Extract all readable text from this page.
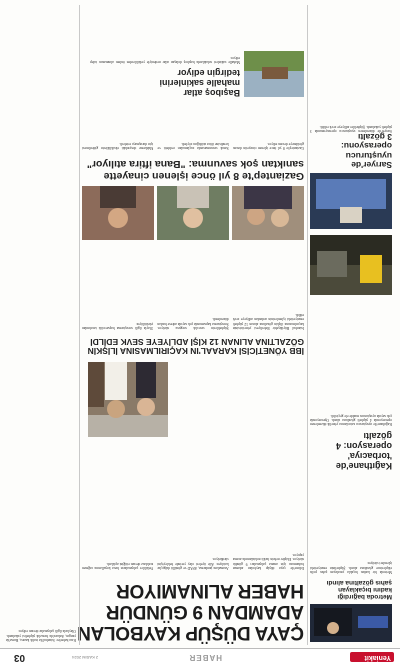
Yeniakit
HABER
2 KASIM 2024
03
ÇAYA DÜŞÜP KAYBOLAN
ADAMDAN 9 GÜNDÜR
HABER ALINAMIYOR
Edirne'de çaya düşüp kaybolan adamın bulunması için arama çalışmaları 9 gündür sürüyor. Ekipler nehrin farklı noktalarında arama yapıyor.
Aramalara jandarma, AFAD ve gönüllü dalgıçlar katılıyor. Aile üyeleri olay yerinde bekleyişini sürdürüyor.
Yetkililer çalışmaların hava koşullarına rağmen aralıksız devam ettiğini açıkladı.
Metroda bağırdığı
kadını bıçaklayan
şahıs gözaltına alındı
Metroda bir kadını bıçakla yaralayan şahıs polis ekiplerince gözaltına alındı. Şüphelinin emniyetteki işlemleri sürüyor.
Kağıthane'de
'torbacıya'
operasyon: 4 gözaltı
Kağıthane'de uyuşturucu satıcılarına yönelik düzenlenen operasyonda 4 şüpheli gözaltına alındı. Operasyonda çok sayıda uyuşturucu madde ele geçirildi.
Sarıyer'de
uyuşturucu operasyonu:
3 gözaltı
Sarıyer'de düzenlenen uyuşturucu operasyonunda 3 şüpheli yakalandı. Şüpheliler adliyeye sevk edildi.
İBB YÖNETİCİSİ KARAAL'IN KAÇIRILMASINA İLİŞKİN
GÖZALTINA ALINAN 12 KİŞİ ADLİYEYE SEVK EDİLDİ
İstanbul Büyükşehir Belediyesi yöneticisinin kaçırılmasına ilişkin gözaltına alınan 12 şüpheli emniyetteki işlemlerinin ardından adliyeye sevk edildi.
Şüphelilerin savcılık sorgusu sürüyor. Soruşturma kapsamında çok sayıda adrese baskın düzenlendi.
Olayla ilgili soruşturma başsavcılık tarafından yürütülüyor.
Gaziantep'te 8 yıl önce işlenen cinayette
sanıktan şok savunma: "Bana iftira atılıyor"
Gaziantep'te 8 yıl önce işlenen cinayetin davası görülmeye devam ediyor.
Sanık savunmasında suçlamaları reddetti ve kendisine iftira atıldığını söyledi.
Mahkeme dosyadaki eksikliklerin giderilmesi için duruşmayı erteledi.
Başıboş atlar
mahalle sakinlerini
tedirgin ediyor
Mahalle sakinleri sokaklarda başıboş dolaşan atlar nedeniyle yetkililerden önlem alınmasını talep ediyor.
Kısa haberler: İstanbul'da trafik kazası, Bursa'da yangın, Ankara'da hırsızlık şüphelisi yakalandı. Olaylarla ilgili çalışmalar devam ediyor.
